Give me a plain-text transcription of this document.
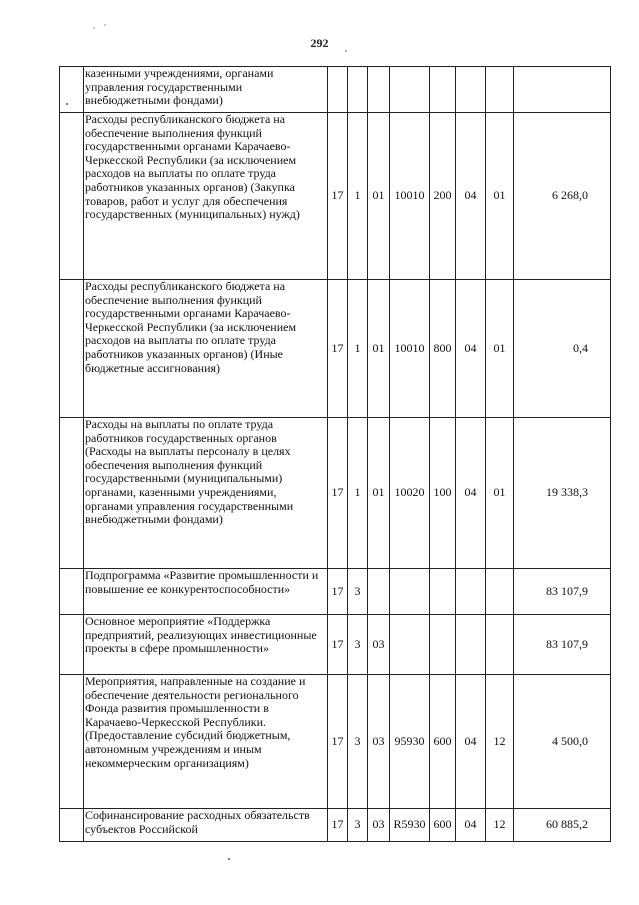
292
	казенными учреждениями, органами управления государственными внебюджетными фондами)								
	Расходы республиканского бюджета на обеспечение выполнения функций государственными органами Карачаево-Черкесской Республики (за исключением расходов на выплаты по оплате труда работников указанных органов) (Закупка товаров, работ и услуг для обеспечения государственных (муниципальных) нужд)	17	1	01	10010	200	04	01	6 268,0
	Расходы республиканского бюджета на обеспечение выполнения функций государственными органами Карачаево-Черкесской Республики (за исключением расходов на выплаты по оплате труда работников указанных органов) (Иные бюджетные ассигнования)	17	1	01	10010	800	04	01	0,4
	Расходы на выплаты по оплате труда работников государственных органов (Расходы на выплаты персоналу в целях обеспечения выполнения функций государственными (муниципальными) органами, казенными учреждениями, органами управления государственными внебюджетными фондами)	17	1	01	10020	100	04	01	19 338,3
	Подпрограмма «Развитие промышленности и повышение ее конкурентоспособности»	17	3						83 107,9
	Основное мероприятие «Поддержка предприятий, реализующих инвестиционные проекты в сфере промышленности»	17	3	03					83 107,9
	Мероприятия, направленные на создание и обеспечение деятельности регионального Фонда развития промышленности в Карачаево-Черкесской Республики. (Предоставление субсидий бюджетным, автономным учреждениям и иным некоммерческим организациям)	17	3	03	95930	600	04	12	4 500,0
	Софинансирование расходных обязательств субъектов Российской	17	3	03	R5930	600	04	12	60 885,2
